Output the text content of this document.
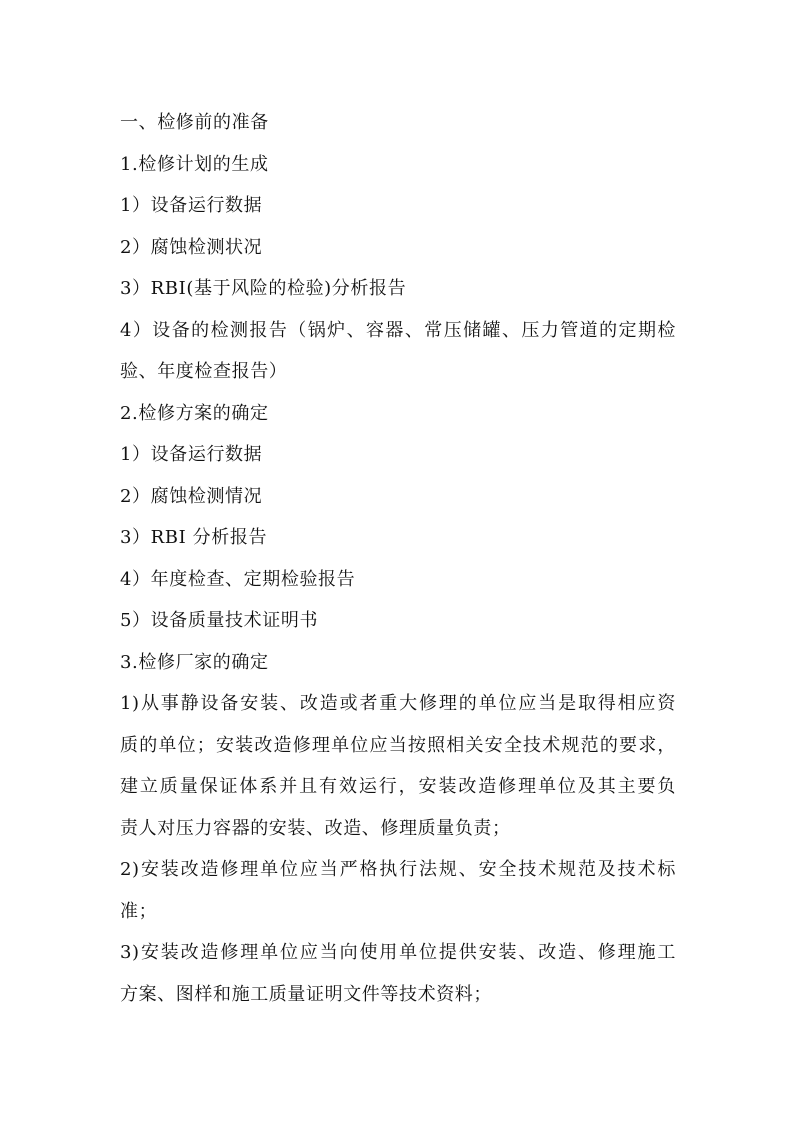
一、检修前的准备
1.检修计划的生成
1）设备运行数据
2）腐蚀检测状况
3）RBI(基于风险的检验)分析报告
4）设备的检测报告（锅炉、容器、常压储罐、压力管道的定期检
验、年度检查报告）
2.检修方案的确定
1）设备运行数据
2）腐蚀检测情况
3）RBI 分析报告
4）年度检查、定期检验报告
5）设备质量技术证明书
3.检修厂家的确定
1)从事静设备安装、改造或者重大修理的单位应当是取得相应资
质的单位；安装改造修理单位应当按照相关安全技术规范的要求，
建立质量保证体系并且有效运行，安装改造修理单位及其主要负
责人对压力容器的安装、改造、修理质量负责；
2)安装改造修理单位应当严格执行法规、安全技术规范及技术标
准；
3)安装改造修理单位应当向使用单位提供安装、改造、修理施工
方案、图样和施工质量证明文件等技术资料；
